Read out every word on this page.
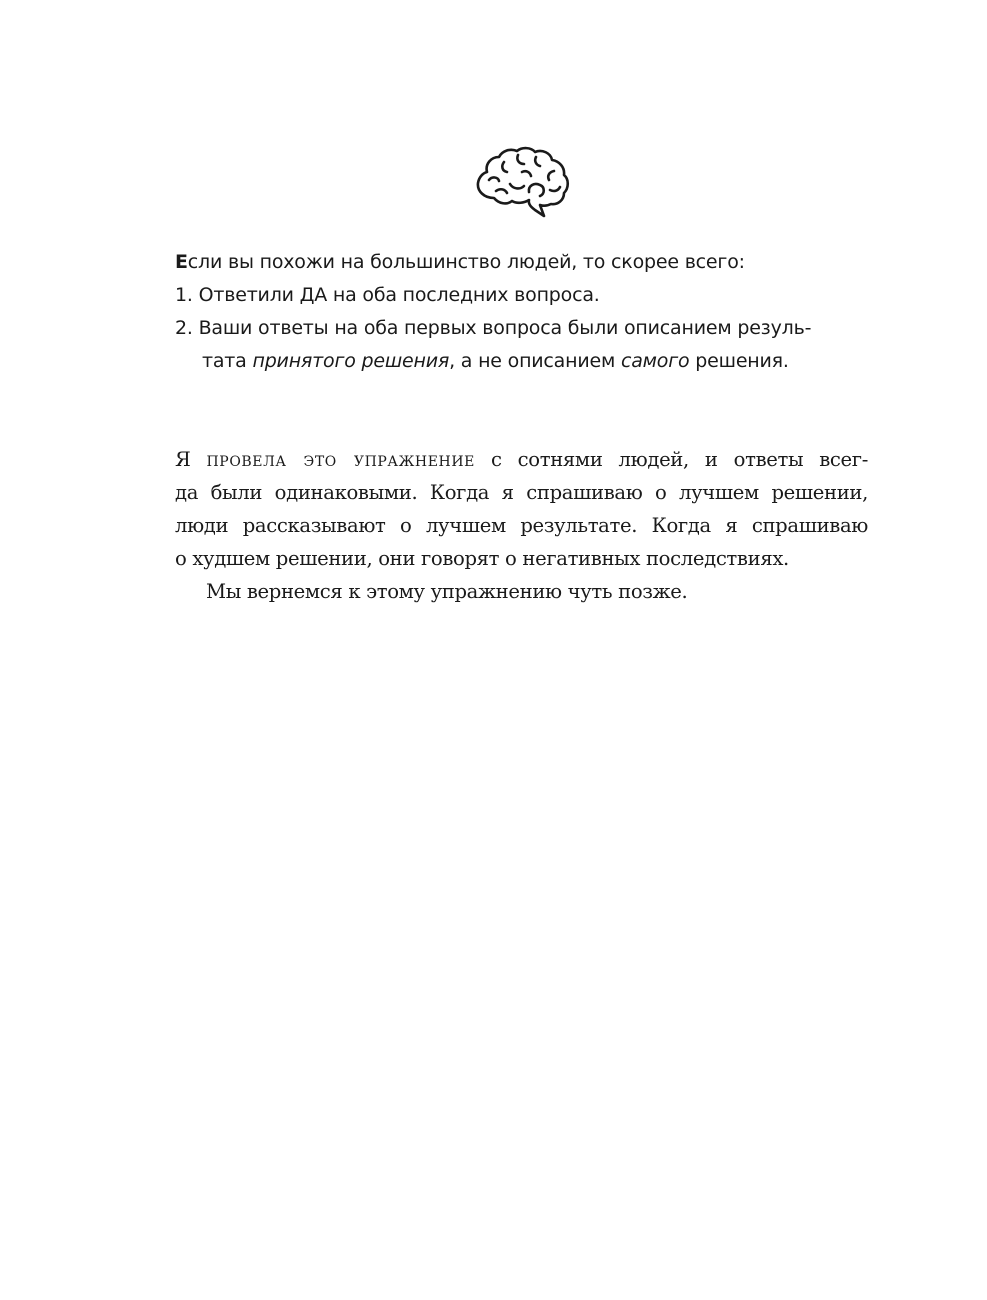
Если вы похожи на большинство людей, то скорее всего:

1. Ответили ДА на оба последних вопроса.

2. Ваши ответы на оба первых вопроса были описанием резуль-

тата принятого решения, а не описанием самого решения.

Я провела это упражнение с сотнями людей, и ответы всег-

да были одинаковыми. Когда я спрашиваю о лучшем решении,

люди рассказывают о лучшем результате. Когда я спрашиваю

о худшем решении, они говорят о негативных последствиях.

Мы вернемся к этому упражнению чуть позже.
